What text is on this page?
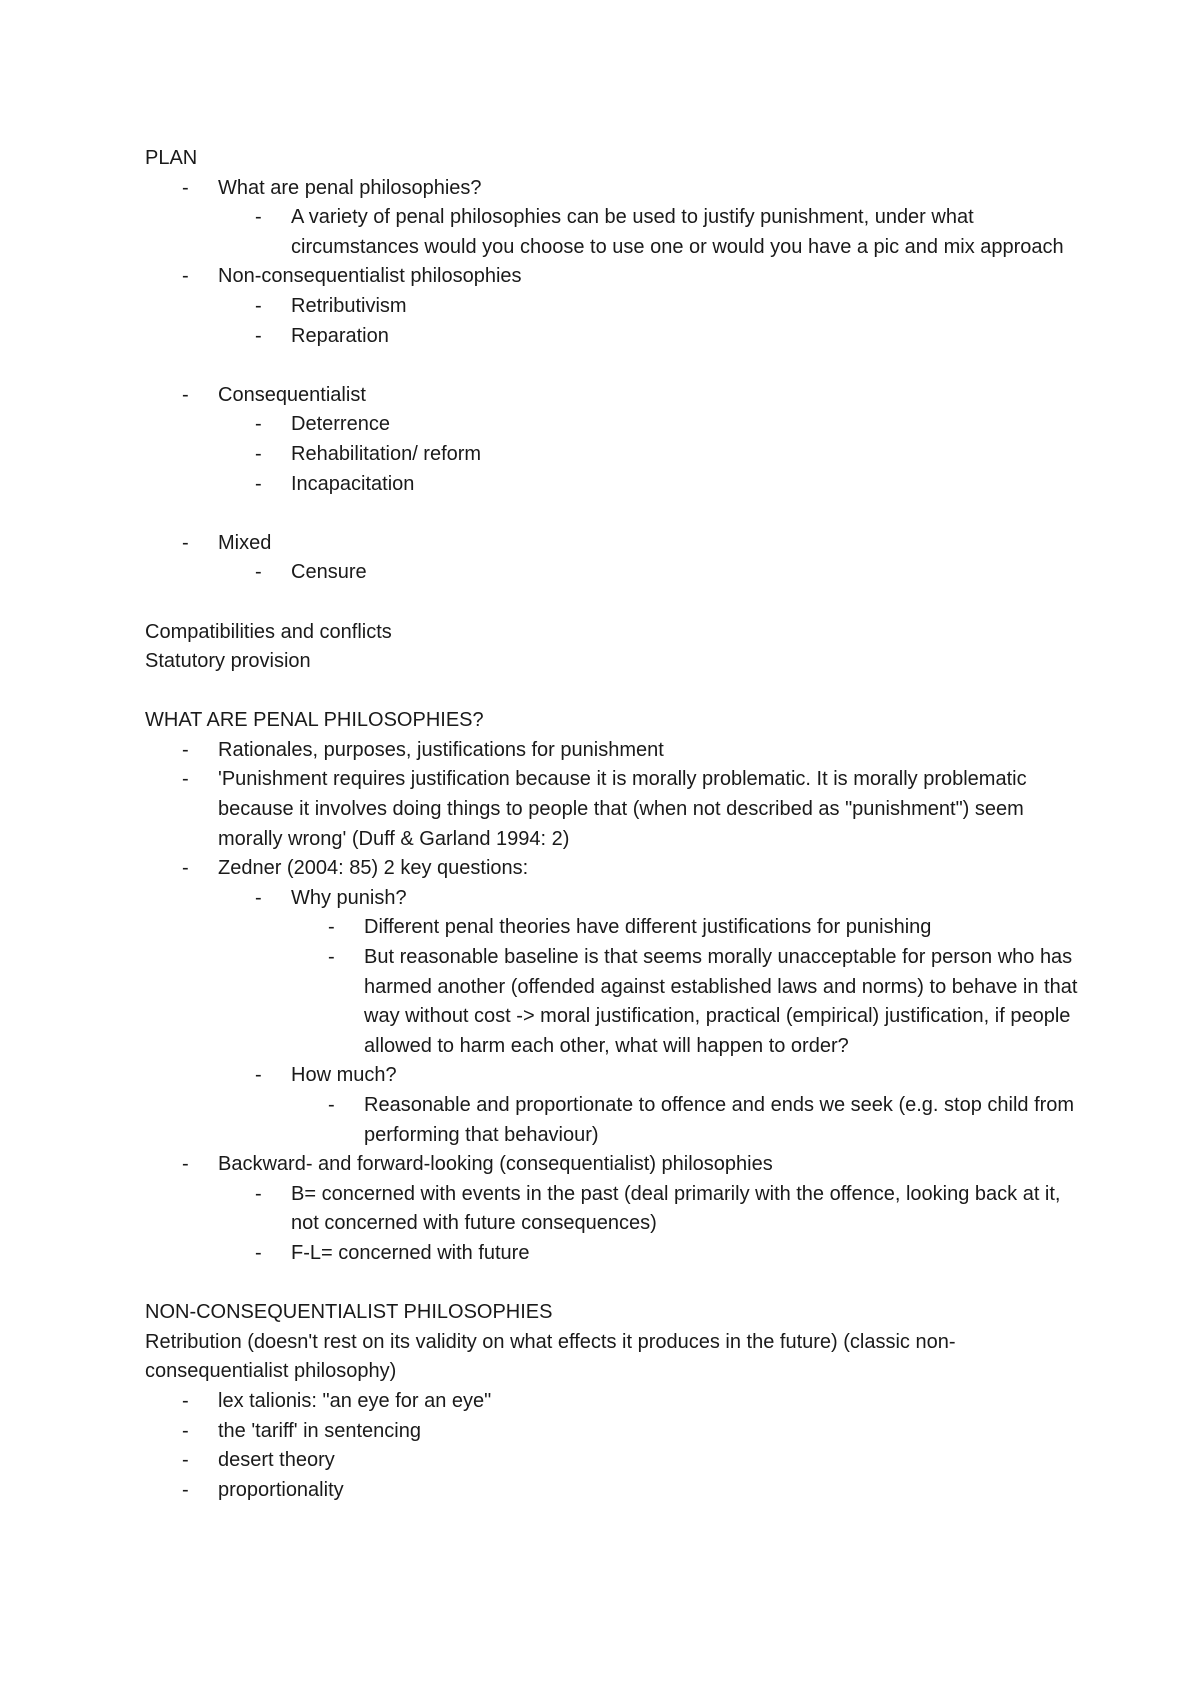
PLAN

- What are penal philosophies?
- A variety of penal philosophies can be used to justify punishment, under what circumstances would you choose to use one or would you have a pic and mix approach
- Non-consequentialist philosophies
- Retributivism
- Reparation
- Consequentialist
- Deterrence
- Rehabilitation/ reform
- Incapacitation
- Mixed
- Censure

Compatibilities and conflicts

Statutory provision

WHAT ARE PENAL PHILOSOPHIES?

- Rationales, purposes, justifications for punishment
- 'Punishment requires justification because it is morally problematic. It is morally problematic because it involves doing things to people that (when not described as "punishment") seem morally wrong' (Duff & Garland 1994: 2)
- Zedner (2004: 85) 2 key questions:
- Why punish?
- Different penal theories have different justifications for punishing
- But reasonable baseline is that seems morally unacceptable for person who has harmed another (offended against established laws and norms) to behave in that way without cost -> moral justification, practical (empirical) justification, if people allowed to harm each other, what will happen to order?
- How much?
- Reasonable and proportionate to offence and ends we seek (e.g. stop child from performing that behaviour)
- Backward- and forward-looking (consequentialist) philosophies
- B= concerned with events in the past (deal primarily with the offence, looking back at it, not concerned with future consequences)
- F-L= concerned with future

NON-CONSEQUENTIALIST PHILOSOPHIES

Retribution (doesn't rest on its validity on what effects it produces in the future) (classic non-consequentialist philosophy)

- lex talionis: "an eye for an eye"
- the 'tariff' in sentencing
- desert theory
- proportionality
